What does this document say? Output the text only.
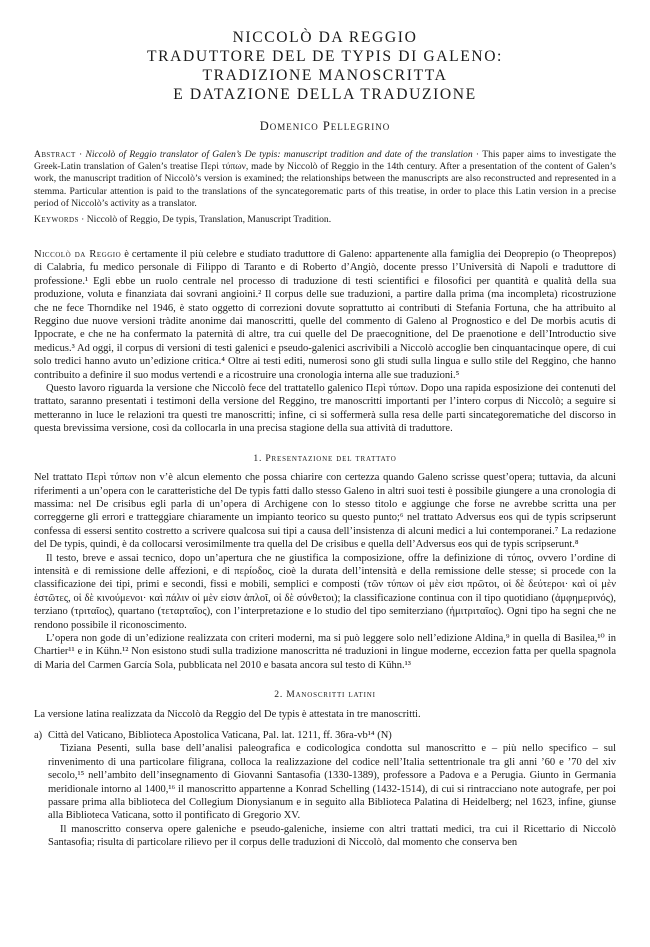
NICCOLÒ DA REGGIO
TRADUTTORE DEL DE TYPIS DI GALENO:
TRADIZIONE MANOSCRITTA
E DATAZIONE DELLA TRADUZIONE
Domenico Pellegrino
Abstract · Niccolò of Reggio translator of Galen’s De typis: manuscript tradition and date of the translation · This paper aims to investigate the Greek-Latin translation of Galen’s treatise Περὶ τύπων, made by Niccolò of Reggio in the 14th century. After a presentation of the content of Galen’s work, the manuscript tradition of Niccolò’s version is examined; the relationships between the manuscripts are also reconstructed and represented in a stemma. Particular attention is paid to the translations of the syncategorematic parts of this treatise, in order to place this Latin version in a precise period of Niccolò’s activity as a translator.
Keywords · Niccolò of Reggio, De typis, Translation, Manuscript Tradition.

Niccolò da Reggio è certamente il più celebre e studiato traduttore di Galeno: appartenente alla famiglia dei Deoprepio (o Theoprepos) di Calabria, fu medico personale di Filippo di Taranto e di Roberto d’Angiò, docente presso l’Università di Napoli e traduttore di professione.¹ Egli ebbe un ruolo centrale nel processo di traduzione di testi scientifici e filosofici per quantità e qualità della sua produzione, voluta e finanziata dai sovrani angioini.² Il corpus delle sue traduzioni, a partire dalla prima (ma incompleta) ricostruzione che ne fece Thorndike nel 1946, è stato oggetto di correzioni dovute soprattutto ai contributi di Stefania Fortuna, che ha attribuito al Reggino due nuove versioni tràdite anonime dai manoscritti, quelle del commento di Galeno al Prognostico e del De morbis acutis di Ippocrate, e che ne ha confermato la paternità di altre, tra cui quelle del De praecognitione, del De praenotione e dell’Introductio sive medicus.³ Ad oggi, il corpus di versioni di testi galenici e pseudo-galenici ascrivibili a Niccolò accoglie ben cinquantacinque opere, di cui solo tredici hanno avuto un’edizione critica.⁴ Oltre ai testi editi, numerosi sono gli studi sulla lingua e sullo stile del Reggino, che hanno contribuito a definire il suo modus vertendi e a ricostruire una cronologia interna alle sue traduzioni.⁵

Questo lavoro riguarda la versione che Niccolò fece del trattatello galenico Περὶ τύπων. Dopo una rapida esposizione dei contenuti del trattato, saranno presentati i testimoni della versione del Reggino, tre manoscritti importanti per l’intero corpus di Niccolò; a seguire si metteranno in luce le relazioni tra questi tre manoscritti; infine, ci si soffermerà sulla resa delle parti sincategorematiche del discorso in questa brevissima versione, così da collocarla in una precisa stagione della sua attività di traduttore.

1. Presentazione del trattato

Nel trattato Περὶ τύπων non v’è alcun elemento che possa chiarire con certezza quando Galeno scrisse quest’opera; tuttavia, da alcuni riferimenti a un’opera con le caratteristiche del De typis fatti dallo stesso Galeno in altri suoi testi è possibile giungere a una cronologia di massima: nel De crisibus egli parla di un’opera di Archigene con lo stesso titolo e aggiunge che forse ne avrebbe scritta una per correggerne gli errori e tratteggiare chiaramente un impianto teorico su questo punto;⁶ nel trattato Adversus eos qui de typis scripserunt confessa di essersi sentito costretto a scrivere qualcosa sui tipi a causa dell’insistenza di alcuni medici a lui contemporanei.⁷ La redazione del De typis, quindi, è da collocarsi verosimilmente tra quella del De crisibus e quella dell’Adversus eos qui de typis scripserunt.⁸

Il testo, breve e assai tecnico, dopo un’apertura che ne giustifica la composizione, offre la definizione di τύπος, ovvero l’ordine di intensità e di remissione delle affezioni, e di περίοδος, cioè la durata dell’intensità e della remissione delle stesse; si procede con la classificazione dei tipi, primi e secondi, fissi e mobili, semplici e composti (τῶν τύπων οἱ μὲν εἰσι πρῶτοι, οἱ δὲ δεύτεροι· καὶ οἱ μὲν ἑστῶτες, οἱ δὲ κινούμενοι· καὶ πάλιν οἱ μὲν εἰσιν ἁπλοῖ, οἱ δὲ σύνθετοι); la classificazione continua con il tipo quotidiano (ἀμφημερινός), terziano (τριταῖος), quartano (τεταρταῖος), con l’interpretazione e lo studio del tipo semiterziano (ἡμιτριταῖος). Ogni tipo ha segni che ne rendono possibile il riconoscimento.

L’opera non gode di un’edizione realizzata con criteri moderni, ma si può leggere solo nell’edizione Aldina,⁹ in quella di Basilea,¹⁰ in Chartier¹¹ e in Kühn.¹² Non esistono studi sulla tradizione manoscritta né traduzioni in lingue moderne, eccezion fatta per quella spagnola di Maria del Carmen García Sola, pubblicata nel 2010 e basata ancora sul testo di Kühn.¹³

2. Manoscritti latini

La versione latina realizzata da Niccolò da Reggio del De typis è attestata in tre manoscritti.

a) Città del Vaticano, Biblioteca Apostolica Vaticana, Pal. lat. 1211, ff. 36ra-vb¹⁴ (N)

Tiziana Pesenti, sulla base dell’analisi paleografica e codicologica condotta sul manoscritto e – più nello specifico – sul rinvenimento di una particolare filigrana, colloca la realizzazione del codice nell’Italia settentrionale tra gli anni ’60 e ’70 del xiv secolo,¹⁵ nell’ambito dell’insegnamento di Giovanni Santasofia (1330-1389), professore a Padova e a Perugia. Giunto in Germania meridionale intorno al 1400,¹⁶ il manoscritto appartenne a Konrad Schelling (1432-1514), di cui si rintracciano note autografe, per poi passare prima alla biblioteca del Collegium Dionysianum e in seguito alla Biblioteca Palatina di Heidelberg; nel 1623, infine, giunse alla Biblioteca Vaticana, sotto il pontificato di Gregorio XV.

Il manoscritto conserva opere galeniche e pseudo-galeniche, insieme con altri trattati medici, tra cui il Ricettario di Niccolò Santasofia; risulta di particolare rilievo per il corpus delle traduzioni di Niccolò, dal momento che conserva ben
